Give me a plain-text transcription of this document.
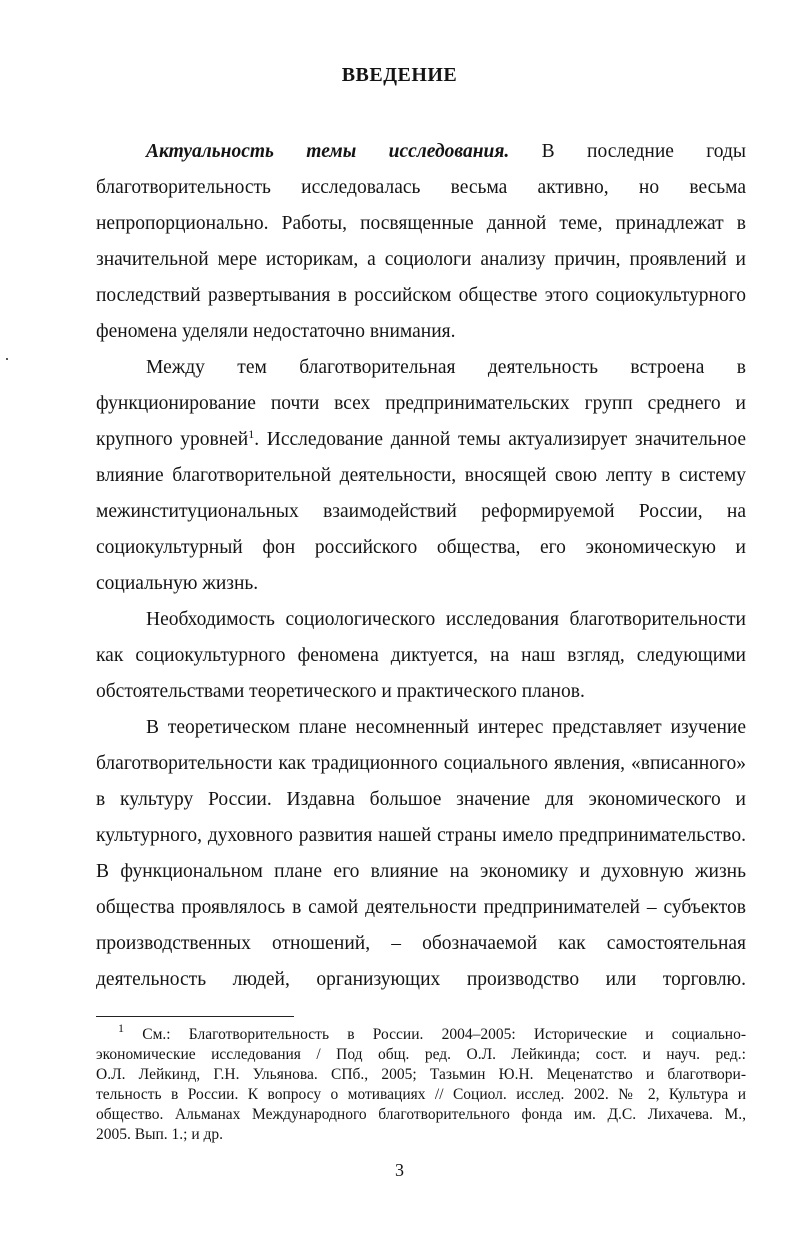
ВВЕДЕНИЕ
Актуальность темы исследования. В последние годы
благотворительность исследовалась весьма активно, но весьма
непропорционально. Работы, посвященные данной теме, принадлежат в
значительной мере историкам, а социологи анализу причин, проявлений и
последствий развертывания в российском обществе этого социокультурного
феномена уделяли недостаточно внимания.
Между тем благотворительная деятельность встроена в
функционирование почти всех предпринимательских групп среднего и
крупного уровней$^1$. Исследование данной темы актуализирует значительное
влияние благотворительной деятельности, вносящей свою лепту в систему
межинституциональных взаимодействий реформируемой России, на
социокультурный фон российского общества, его экономическую и
социальную жизнь.
Необходимость социологического исследования благотворительности
как социокультурного феномена диктуется, на наш взгляд, следующими
обстоятельствами теоретического и практического планов.
В теоретическом плане несомненный интерес представляет изучение
благотворительности как традиционного социального явления, «вписанного»
в культуру России. Издавна большое значение для экономического и
культурного, духовного развития нашей страны имело предпринимательство.
В функциональном плане его влияние на экономику и духовную жизнь
общества проявлялось в самой деятельности предпринимателей – субъектов
производственных отношений, – обозначаемой как самостоятельная
деятельность людей, организующих производство или торговлю.
$^1$ См.: Благотворительность в России. 2004–2005: Исторические и социально-
экономические исследования / Под общ. ред. О.Л. Лейкинда; сост. и науч. ред.:
О.Л. Лейкинд, Г.Н. Ульянова. СПб., 2005; Тазьмин Ю.Н. Меценатство и благотвори-
тельность в России. К вопросу о мотивациях // Социол. исслед. 2002. № 2, Культура и
общество. Альманах Международного благотворительного фонда им. Д.С. Лихачева. М.,
2005. Вып. 1.; и др.
3
